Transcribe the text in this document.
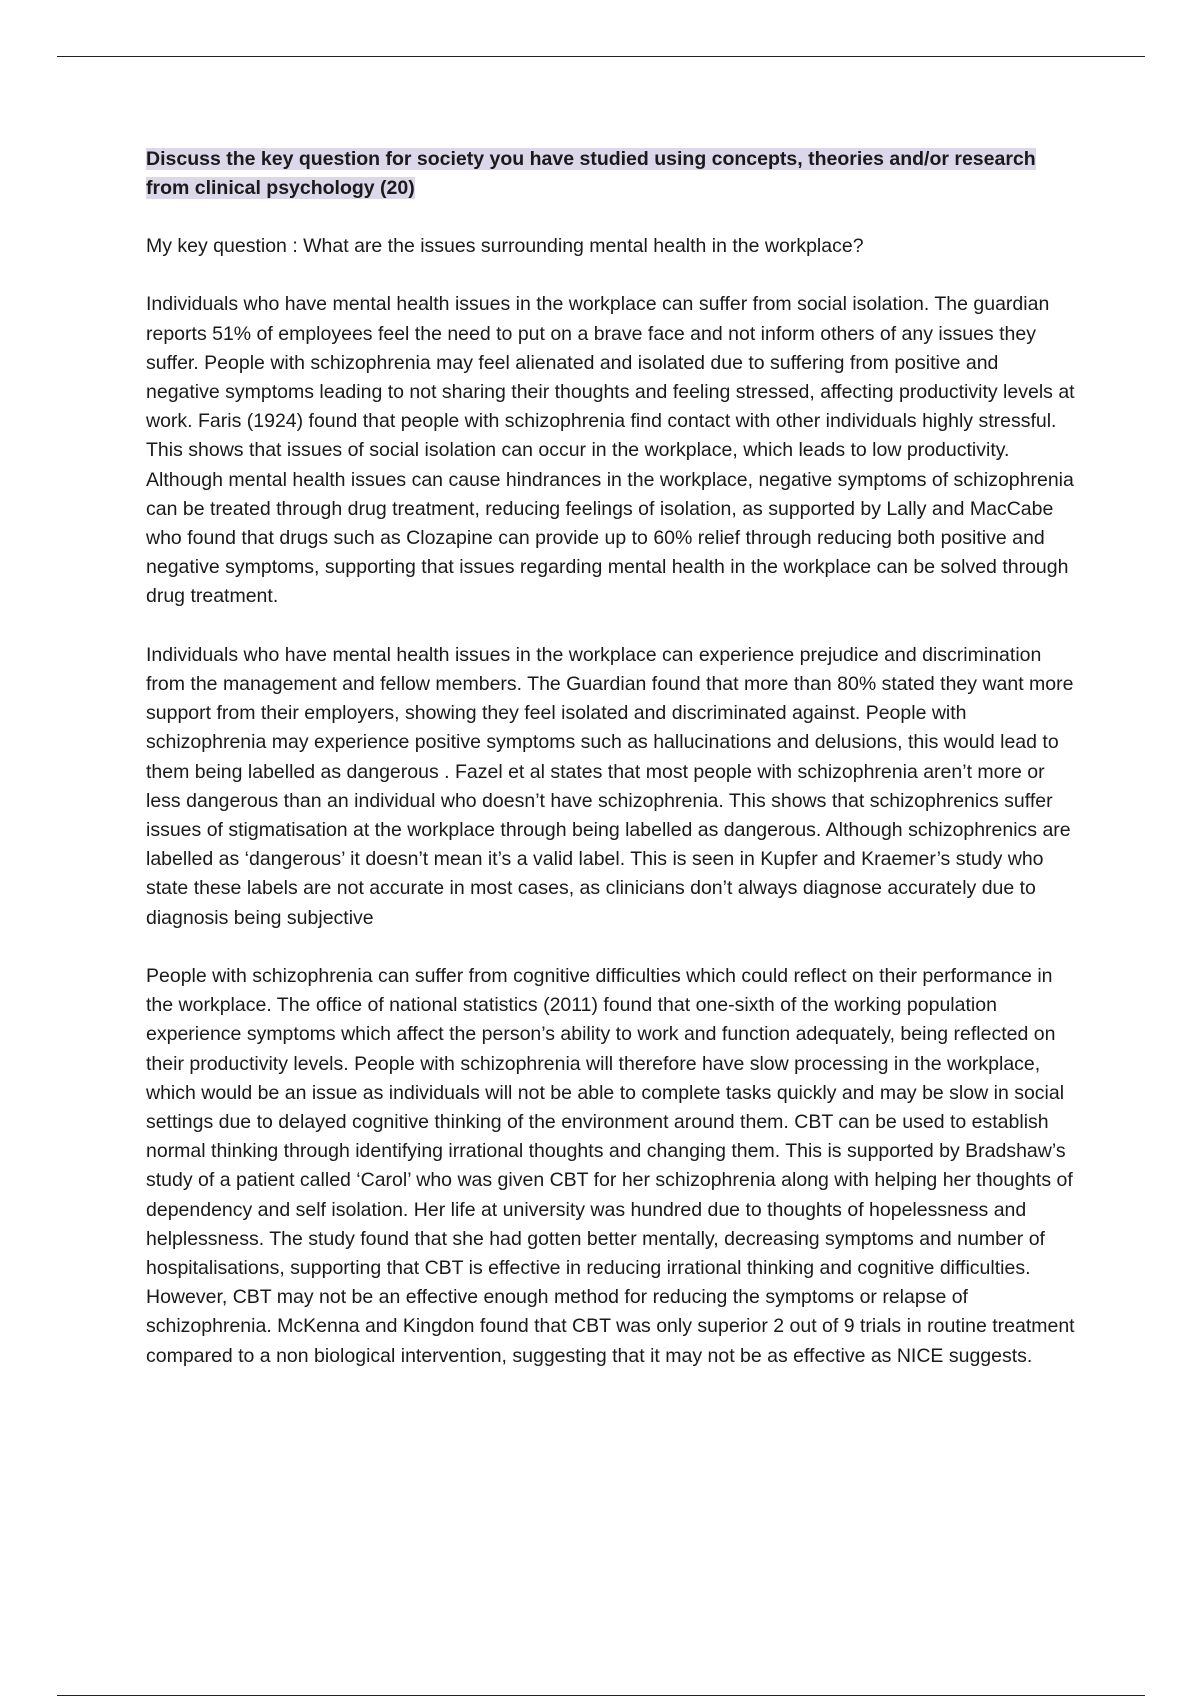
Discuss the key question for society you have studied using concepts, theories and/or research from clinical psychology (20)

My key question : What are the issues surrounding mental health in the workplace?

Individuals who have mental health issues in the workplace can suffer from social isolation. The guardian reports 51% of employees feel the need to put on a brave face and not inform others of any issues they suffer. People with schizophrenia may feel alienated and isolated due to suffering from positive and negative symptoms leading to not sharing their thoughts and feeling stressed, affecting productivity levels at work. Faris (1924) found that people with schizophrenia find contact with other individuals highly stressful. This shows that issues of social isolation can occur in the workplace, which leads to low productivity. Although mental health issues can cause hindrances in the workplace, negative symptoms of schizophrenia can be treated through drug treatment, reducing feelings of isolation, as supported by Lally and MacCabe who found that drugs such as Clozapine can provide up to 60% relief through reducing both positive and negative symptoms, supporting that issues regarding mental health in the workplace can be solved through drug treatment.

Individuals who have mental health issues in the workplace can experience prejudice and discrimination from the management and fellow members. The Guardian found that more than 80% stated they want more support from their employers, showing they feel isolated and discriminated against. People with schizophrenia may experience positive symptoms such as hallucinations and delusions, this would lead to them being labelled as dangerous . Fazel et al states that most people with schizophrenia aren’t more or less dangerous than an individual who doesn’t have schizophrenia. This shows that schizophrenics suffer issues of stigmatisation at the workplace through being labelled as dangerous. Although schizophrenics are labelled as ‘dangerous’ it doesn’t mean it’s a valid label. This is seen in Kupfer and Kraemer’s study who state these labels are not accurate in most cases, as clinicians don’t always diagnose accurately due to diagnosis being subjective

People with schizophrenia can suffer from cognitive difficulties which could reflect on their performance in the workplace. The office of national statistics (2011) found that one-sixth of the working population experience symptoms which affect the person’s ability to work and function adequately, being reflected on their productivity levels. People with schizophrenia will therefore have slow processing in the workplace, which would be an issue as individuals will not be able to complete tasks quickly and may be slow in social settings due to delayed cognitive thinking of the environment around them. CBT can be used to establish normal thinking through identifying irrational thoughts and changing them. This is supported by Bradshaw’s study of a patient called ‘Carol’ who was given CBT for her schizophrenia along with helping her thoughts of dependency and self isolation. Her life at university was hundred due to thoughts of hopelessness and helplessness. The study found that she had gotten better mentally, decreasing symptoms and number of hospitalisations, supporting that CBT is effective in reducing irrational thinking and cognitive difficulties. However, CBT may not be an effective enough method for reducing the symptoms or relapse of schizophrenia. McKenna and Kingdon found that CBT was only superior 2 out of 9 trials in routine treatment compared to a non biological intervention, suggesting that it may not be as effective as NICE suggests.
